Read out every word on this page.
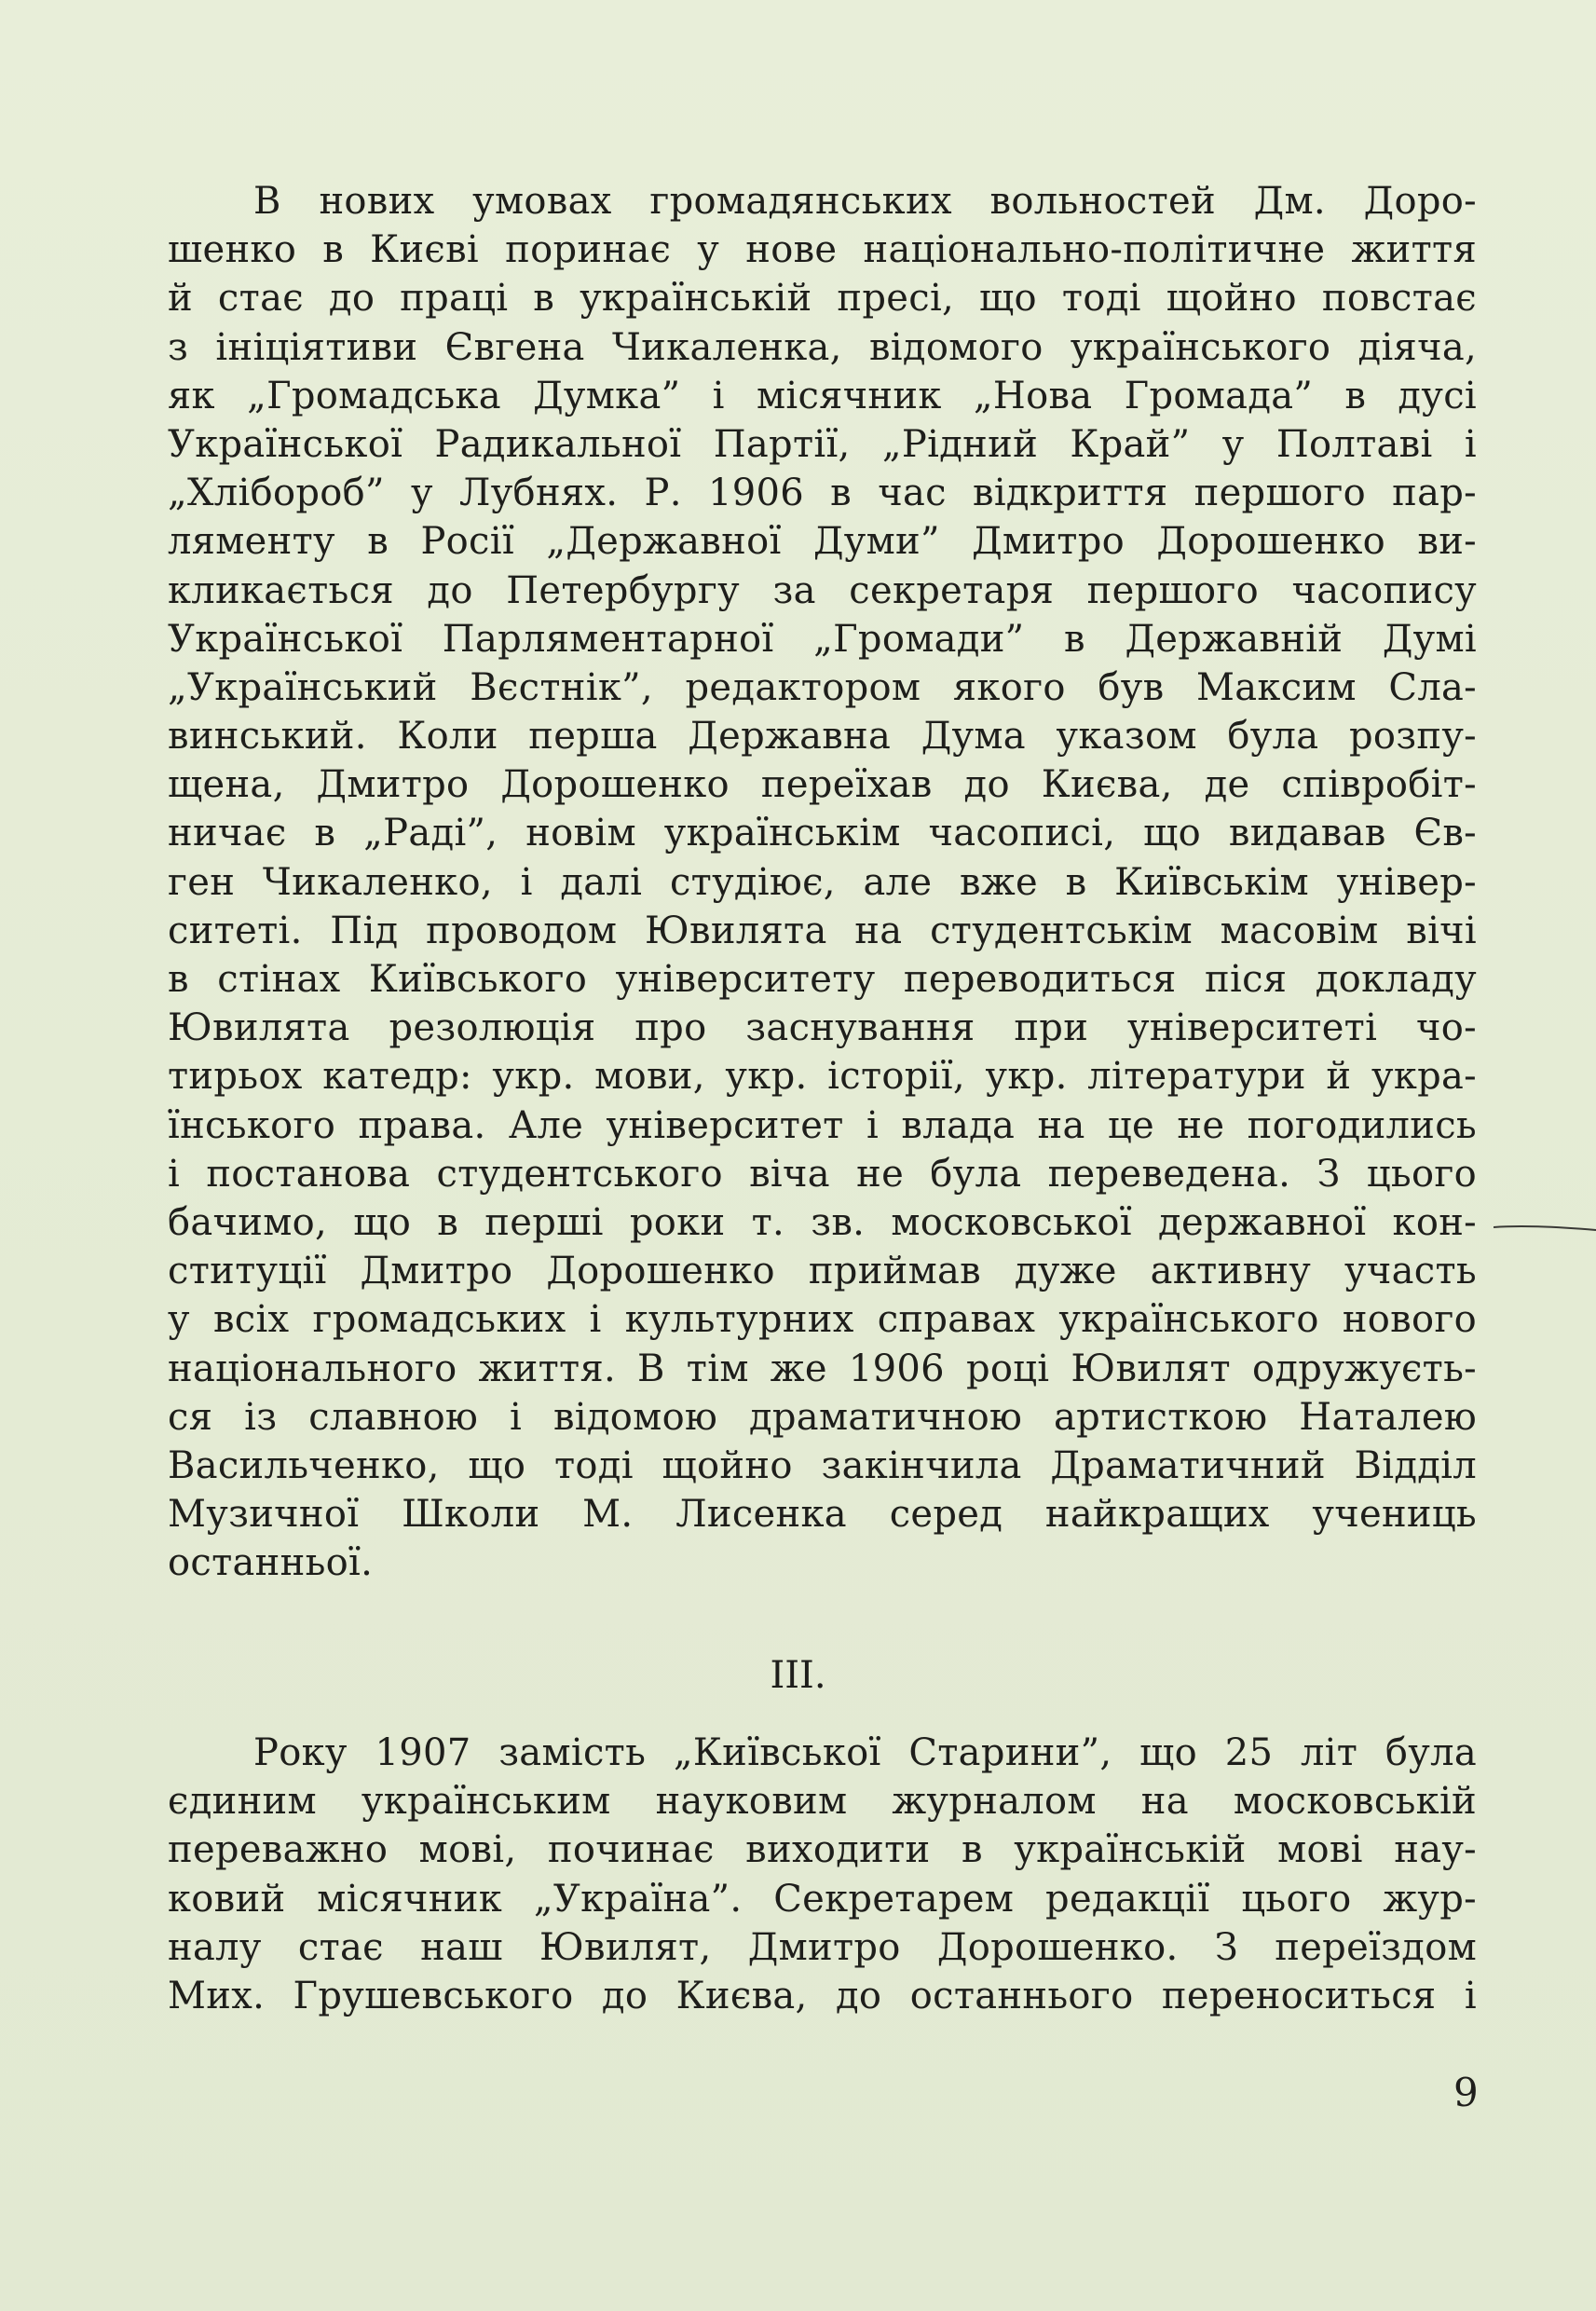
В нових умовах громадянських вольностей Дм. Доро-
шенко в Києві поринає у нове національно-політичне життя
й стає до праці в українській пресі, що тоді щойно повстає
з ініціятиви Євгена Чикаленка, відомого українського діяча,
як „Громадська Думка” і місячник „Нова Громада” в дусі
Української Радикальної Партії, „Рідний Край” у Полтаві і
„Хлібороб” у Лубнях. Р. 1906 в час відкриття першого пар-
ляменту в Росії „Державної Думи” Дмитро Дорошенко ви-
кликається до Петербургу за секретаря першого часопису
Української Парляментарної „Громади” в Державній Думі
„Український Вєстнік”, редактором якого був Максим Сла-
винський. Коли перша Державна Дума указом була розпу-
щена, Дмитро Дорошенко переїхав до Києва, де співробіт-
ничає в „Раді”, новім українськім часописі, що видавав Єв-
ген Чикаленко, і далі студіює, але вже в Київськім універ-
ситеті. Під проводом Ювилята на студентськім масовім вічі
в стінах Київського університету переводиться піся докладу
Ювилята резолюція про заснування при університеті чо-
тирьох катедр: укр. мови, укр. історії, укр. літератури й укра-
їнського права. Але університет і влада на це не погодились
і постанова студентського віча не була переведена. З цього
бачимо, що в перші роки т. зв. московської державної кон-
ституції Дмитро Дорошенко приймав дуже активну участь
у всіх громадських і культурних справах українського нового
національного життя. В тім же 1906 році Ювилят одружуєть-
ся із славною і відомою драматичною артисткою Наталею
Васильченко, що тоді щойно закінчила Драматичний Відділ
Музичної Школи М. Лисенка серед найкращих учениць
останньої.
III.
Року 1907 замість „Київської Старини”, що 25 літ була
єдиним українським науковим журналом на московській
переважно мові, починає виходити в українській мові нау-
ковий місячник „Україна”. Секретарем редакції цього жур-
налу стає наш Ювилят, Дмитро Дорошенко. З переїздом
Мих. Грушевського до Києва, до останнього переноситься і
9
